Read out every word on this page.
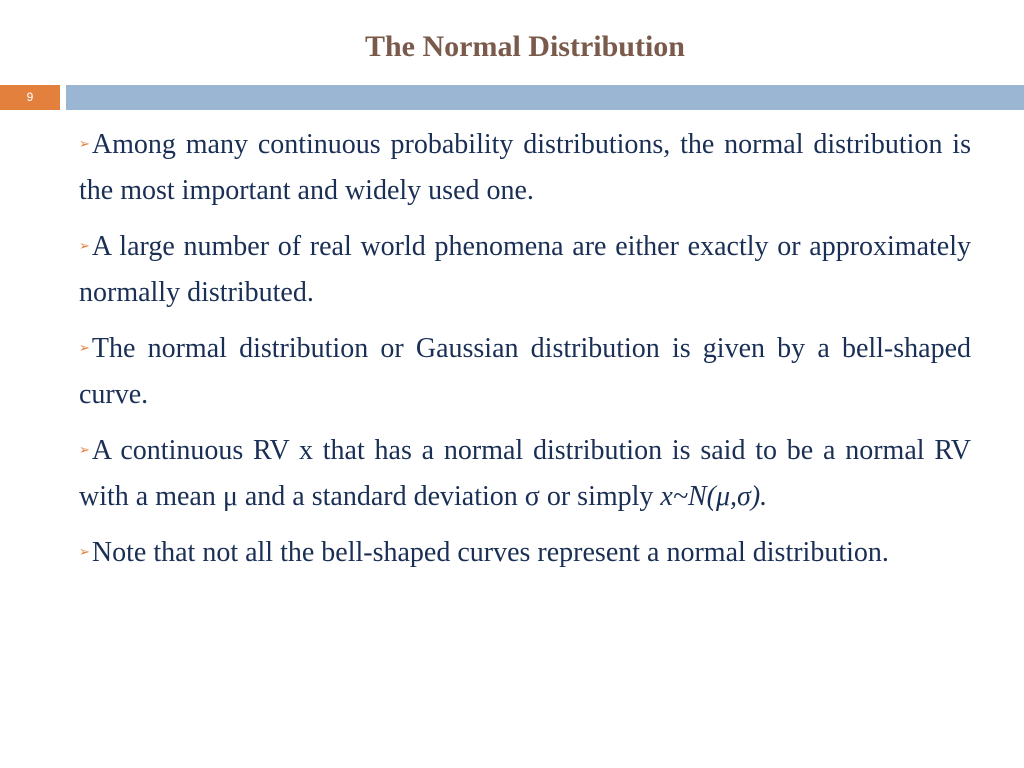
The Normal Distribution
9

➢Among many continuous probability distributions, the normal distribution is the most important and widely used one.

➢A large number of real world phenomena are either exactly or approximately normally distributed.

➢The normal distribution or Gaussian distribution is given by a bell-shaped curve.

➢A continuous RV x that has a normal distribution is said to be a normal RV with a mean μ and a standard deviation σ or simply x~N(μ,σ).

➢Note that not all the bell-shaped curves represent a normal distribution.
